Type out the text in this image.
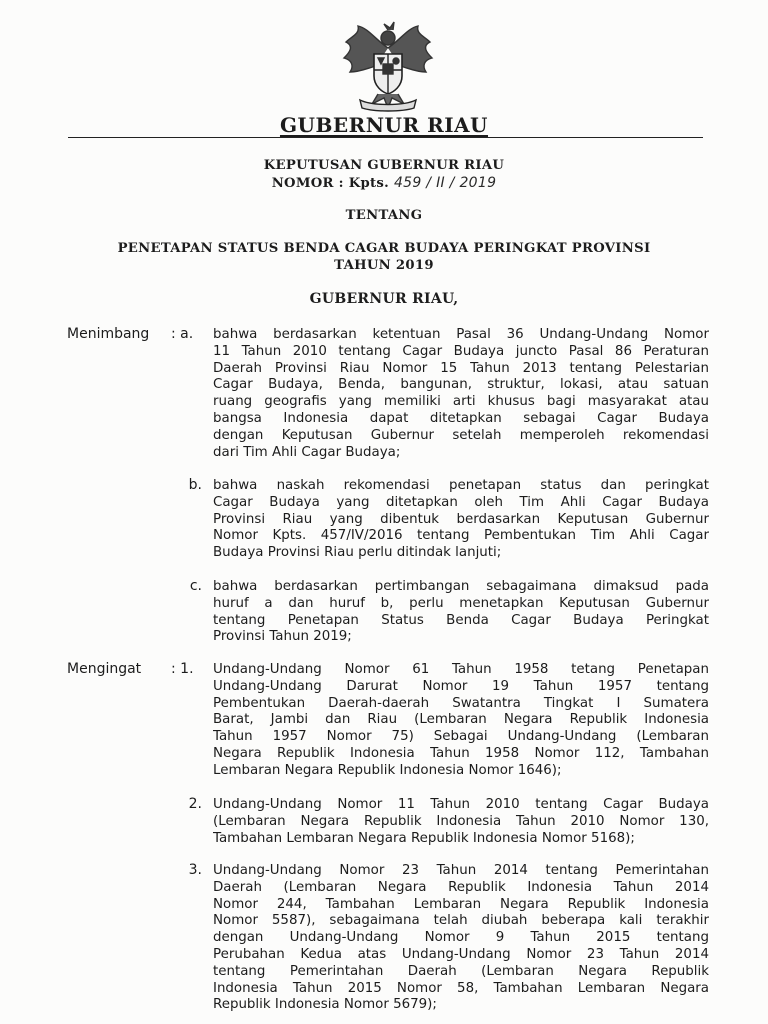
GUBERNUR RIAU
KEPUTUSAN GUBERNUR RIAU
NOMOR : Kpts. 459 / II / 2019
TENTANG
PENETAPAN STATUS BENDA CAGAR BUDAYA PERINGKAT PROVINSI
TAHUN 2019
GUBERNUR RIAU,
Menimbang : a. bahwa berdasarkan ketentuan Pasal 36 Undang-Undang Nomor
11 Tahun 2010 tentang Cagar Budaya juncto Pasal 86 Peraturan
Daerah Provinsi Riau Nomor 15 Tahun 2013 tentang Pelestarian
Cagar Budaya, Benda, bangunan, struktur, lokasi, atau satuan
ruang geografis yang memiliki arti khusus bagi masyarakat atau
bangsa Indonesia dapat ditetapkan sebagai Cagar Budaya
dengan Keputusan Gubernur setelah memperoleh rekomendasi
dari Tim Ahli Cagar Budaya;
b. bahwa naskah rekomendasi penetapan status dan peringkat
Cagar Budaya yang ditetapkan oleh Tim Ahli Cagar Budaya
Provinsi Riau yang dibentuk berdasarkan Keputusan Gubernur
Nomor Kpts. 457/IV/2016 tentang Pembentukan Tim Ahli Cagar
Budaya Provinsi Riau perlu ditindak lanjuti;
c. bahwa berdasarkan pertimbangan sebagaimana dimaksud pada
huruf a dan huruf b, perlu menetapkan Keputusan Gubernur
tentang Penetapan Status Benda Cagar Budaya Peringkat
Provinsi Tahun 2019;
Mengingat : 1. Undang-Undang Nomor 61 Tahun 1958 tetang Penetapan
Undang-Undang Darurat Nomor 19 Tahun 1957 tentang
Pembentukan Daerah-daerah Swatantra Tingkat I Sumatera
Barat, Jambi dan Riau (Lembaran Negara Republik Indonesia
Tahun 1957 Nomor 75) Sebagai Undang-Undang (Lembaran
Negara Republik Indonesia Tahun 1958 Nomor 112, Tambahan
Lembaran Negara Republik Indonesia Nomor 1646);
2. Undang-Undang Nomor 11 Tahun 2010 tentang Cagar Budaya
(Lembaran Negara Republik Indonesia Tahun 2010 Nomor 130,
Tambahan Lembaran Negara Republik Indonesia Nomor 5168);
3. Undang-Undang Nomor 23 Tahun 2014 tentang Pemerintahan
Daerah (Lembaran Negara Republik Indonesia Tahun 2014
Nomor 244, Tambahan Lembaran Negara Republik Indonesia
Nomor 5587), sebagaimana telah diubah beberapa kali terakhir
dengan Undang-Undang Nomor 9 Tahun 2015 tentang
Perubahan Kedua atas Undang-Undang Nomor 23 Tahun 2014
tentang Pemerintahan Daerah (Lembaran Negara Republik
Indonesia Tahun 2015 Nomor 58, Tambahan Lembaran Negara
Republik Indonesia Nomor 5679);
